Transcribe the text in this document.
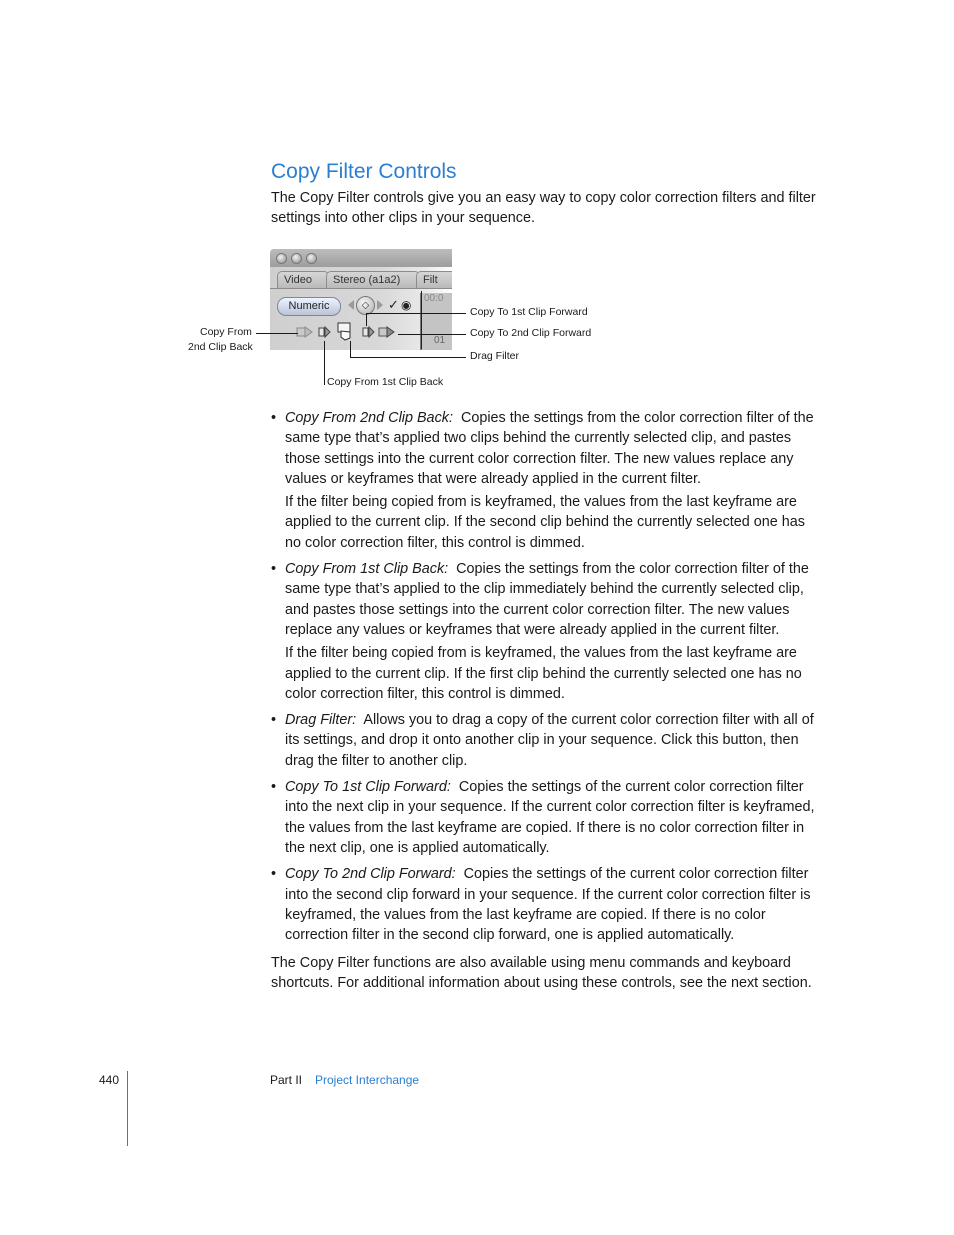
Copy Filter Controls

The Copy Filter controls give you an easy way to copy color correction filters and filter settings into other clips in your sequence.

Video	Stereo (a1a2)	Filt
Numeric	◇	✓ ◉ 00:0
01
Copy From
2nd Clip Back
Copy To 1st Clip Forward
Copy To 2nd Clip Forward
Drag Filter
Copy From 1st Clip Back
• Copy From 2nd Clip Back: Copies the settings from the color correction filter of the same type that’s applied two clips behind the currently selected clip, and pastes those settings into the current color correction filter. The new values replace any values or keyframes that were already applied in the current filter.

If the filter being copied from is keyframed, the values from the last keyframe are applied to the current clip. If the second clip behind the currently selected one has no color correction filter, this control is dimmed.

• Copy From 1st Clip Back: Copies the settings from the color correction filter of the same type that’s applied to the clip immediately behind the currently selected clip, and pastes those settings into the current color correction filter. The new values replace any values or keyframes that were already applied in the current filter.

If the filter being copied from is keyframed, the values from the last keyframe are applied to the current clip. If the first clip behind the currently selected one has no color correction filter, this control is dimmed.

• Drag Filter: Allows you to drag a copy of the current color correction filter with all of its settings, and drop it onto another clip in your sequence. Click this button, then drag the filter to another clip.

• Copy To 1st Clip Forward: Copies the settings of the current color correction filter into the next clip in your sequence. If the current color correction filter is keyframed, the values from the last keyframe are copied. If there is no color correction filter in the next clip, one is applied automatically.

• Copy To 2nd Clip Forward: Copies the settings of the current color correction filter into the second clip forward in your sequence. If the current color correction filter is keyframed, the values from the last keyframe are copied. If there is no color correction filter in the second clip forward, one is applied automatically.

The Copy Filter functions are also available using menu commands and keyboard shortcuts. For additional information about using these controls, see the next section.

440	Part II Project Interchange
